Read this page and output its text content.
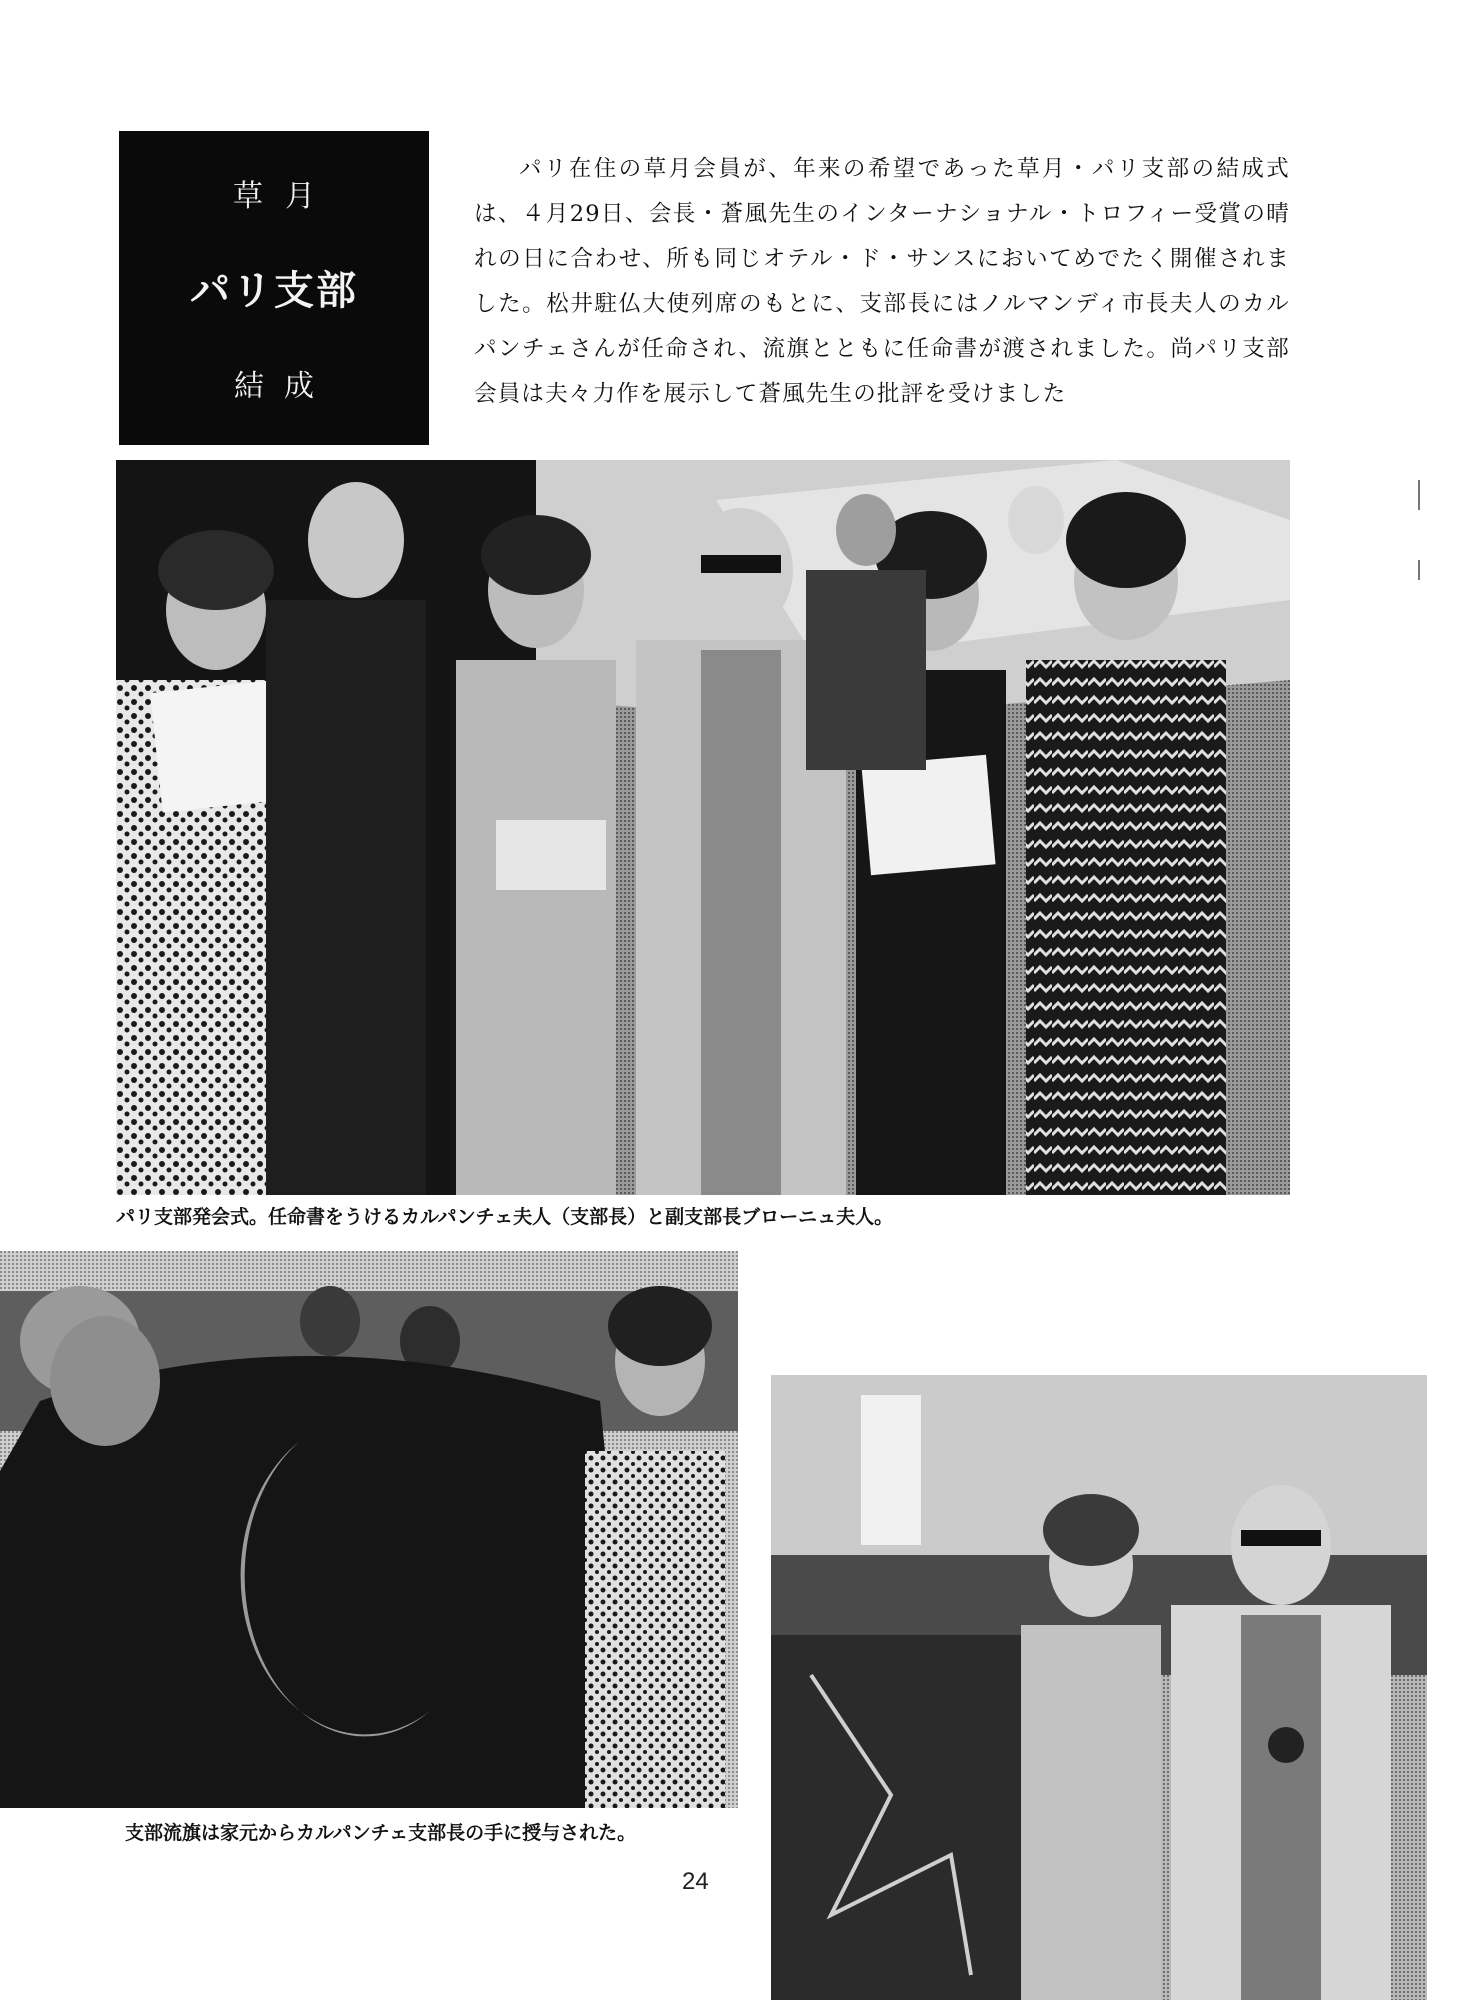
草月
パリ支部
結成
パリ在住の草月会員が、年来の希望であった草月・パリ支部の結成式は、４月29日、会長・蒼風先生のインターナショナル・トロフィー受賞の晴れの日に合わせ、所も同じオテル・ド・サンスにおいてめでたく開催されました。松井駐仏大使列席のもとに、支部長にはノルマンディ市長夫人のカルパンチェさんが任命され、流旗とともに任命書が渡されました。尚パリ支部会員は夫々力作を展示して蒼風先生の批評を受けました
パリ支部発会式。任命書をうけるカルパンチェ夫人（支部長）と副支部長ブローニュ夫人。
支部流旗は家元からカルパンチェ支部長の手に授与された。
24
